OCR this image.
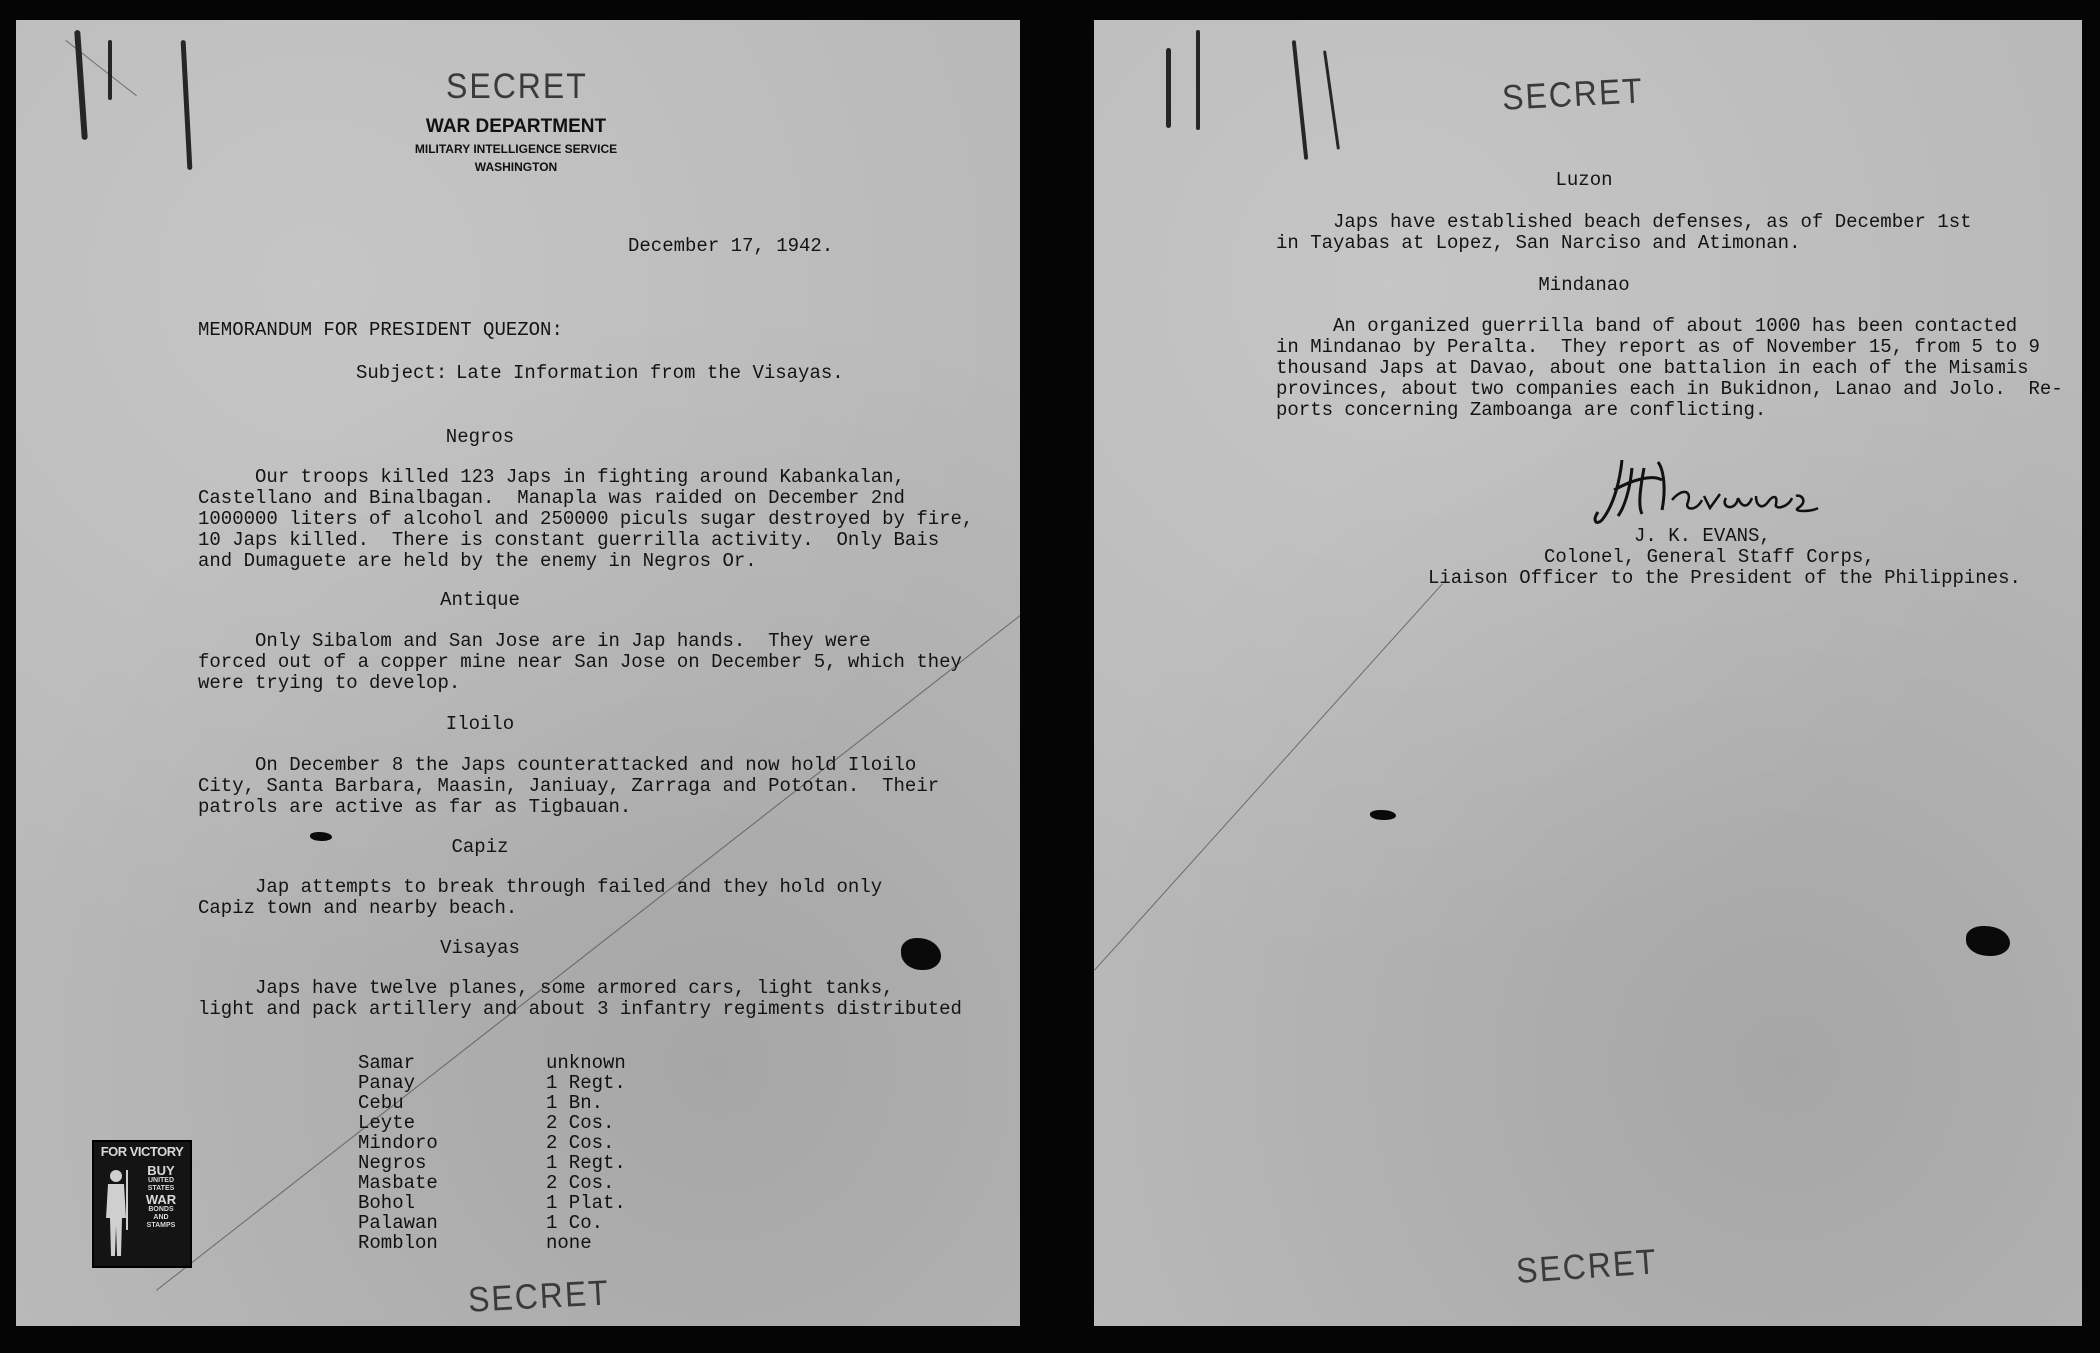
SECRET
WAR DEPARTMENT
MILITARY INTELLIGENCE SERVICE
WASHINGTON
December 17, 1942.
MEMORANDUM FOR PRESIDENT QUEZON:
Subject: Late Information from the Visayas.
Negros
Our troops killed 123 Japs in fighting around Kabankalan,
Castellano and Binalbagan.  Manapla was raided on December 2nd
1000000 liters of alcohol and 250000 piculs sugar destroyed by fire,
10 Japs killed.  There is constant guerrilla activity.  Only Bais
and Dumaguete are held by the enemy in Negros Or.
Antique
Only Sibalom and San Jose are in Jap hands.  They were
forced out of a copper mine near San Jose on December 5, which they
were trying to develop.
Iloilo
On December 8 the Japs counterattacked and now hold Iloilo
City, Santa Barbara, Maasin, Janiuay, Zarraga and Pototan.  Their
patrols are active as far as Tigbauan.
Capiz
Jap attempts to break through failed and they hold only
Capiz town and nearby beach.
Visayas
Japs have twelve planes, some armored cars, light tanks,
light and pack artillery and about 3 infantry regiments distributed
Samar	unknown
Panay	1 Regt.
Cebu	1 Bn.
Leyte	2 Cos.
Mindoro	2 Cos.
Negros	1 Regt.
Masbate	2 Cos.
Bohol	1 Plat.
Palawan	1 Co.
Romblon	none
FOR VICTORY
BUY
UNITED STATES
WAR
BONDS
AND
STAMPS
SECRET
SECRET
Luzon
Japs have established beach defenses, as of December 1st
in Tayabas at Lopez, San Narciso and Atimonan.
Mindanao
An organized guerrilla band of about 1000 has been contacted
in Mindanao by Peralta.  They report as of November 15, from 5 to 9
thousand Japs at Davao, about one battalion in each of the Misamis
provinces, about two companies each in Bukidnon, Lanao and Jolo.  Re-
ports concerning Zamboanga are conflicting.
J.K.Evans
J. K. EVANS,
Colonel, General Staff Corps,
Liaison Officer to the President of the Philippines.
SECRET
